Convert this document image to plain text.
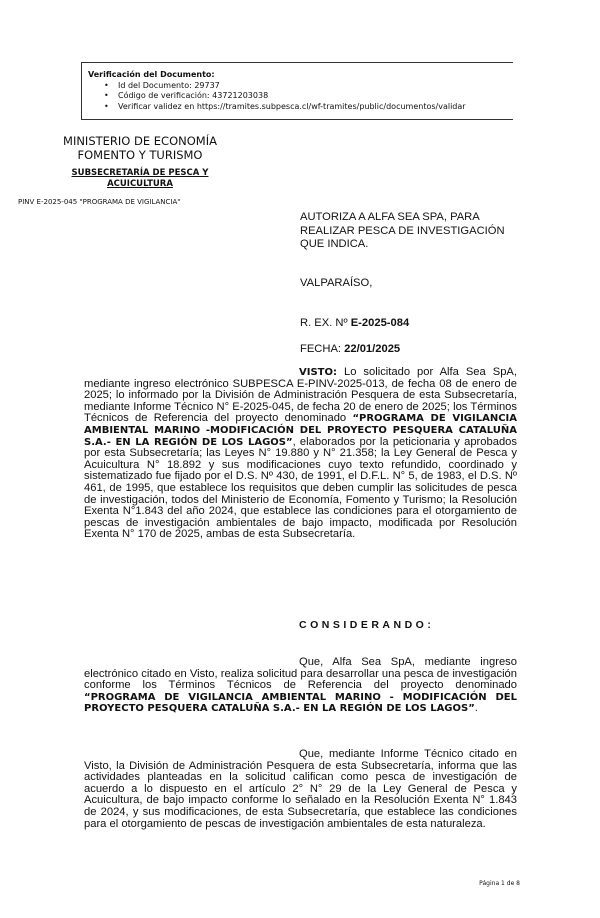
Verificación del Documento:
• Id del Documento: 29737
• Código de verificación: 43721203038
• Verificar validez en https://tramites.subpesca.cl/wf-tramites/public/documentos/validar
MINISTERIO DE ECONOMÍA
FOMENTO Y TURISMO
SUBSECRETARÍA DE PESCA Y
ACUICULTURA
PINV E-2025-045 "PROGRAMA DE VIGILANCIA"
AUTORIZA A ALFA SEA SPA, PARA
REALIZAR PESCA DE INVESTIGACIÓN
QUE INDICA.
VALPARAÍSO,
R. EX. Nº E-2025-084
FECHA: 22/01/2025
VISTO: Lo solicitado por Alfa Sea SpA, mediante ingreso electrónico SUBPESCA E-PINV-2025-013, de fecha 08 de enero de 2025; lo informado por la División de Administración Pesquera de esta Subsecretaría, mediante Informe Técnico N° E-2025-045, de fecha 20 de enero de 2025; los Términos Técnicos de Referencia del proyecto denominado “PROGRAMA DE VIGILANCIA AMBIENTAL MARINO -MODIFICACIÓN DEL PROYECTO PESQUERA CATALUÑA S.A.- EN LA REGIÓN DE LOS LAGOS”, elaborados por la peticionaria y aprobados por esta Subsecretaría; las Leyes N° 19.880 y N° 21.358; la Ley General de Pesca y Acuicultura N° 18.892 y sus modificaciones cuyo texto refundido, coordinado y sistematizado fue fijado por el D.S. Nº 430, de 1991, el D.F.L. N° 5, de 1983, el D.S. Nº 461, de 1995, que establece los requisitos que deben cumplir las solicitudes de pesca de investigación, todos del Ministerio de Economía, Fomento y Turismo; la Resolución Exenta N°1.843 del año 2024, que establece las condiciones para el otorgamiento de pescas de investigación ambientales de bajo impacto, modificada por Resolución Exenta N° 170 de 2025, ambas de esta Subsecretaría.
CONSIDERANDO:
Que, Alfa Sea SpA, mediante ingreso electrónico citado en Visto, realiza solicitud para desarrollar una pesca de investigación conforme los Términos Técnicos de Referencia del proyecto denominado “PROGRAMA DE VIGILANCIA AMBIENTAL MARINO - MODIFICACIÓN DEL PROYECTO PESQUERA CATALUÑA S.A.- EN LA REGIÓN DE LOS LAGOS”.
Que, mediante Informe Técnico citado en Visto, la División de Administración Pesquera de esta Subsecretaría, informa que las actividades planteadas en la solicitud califican como pesca de investigación de acuerdo a lo dispuesto en el artículo 2° N° 29 de la Ley General de Pesca y Acuicultura, de bajo impacto conforme lo señalado en la Resolución Exenta N° 1.843 de 2024, y sus modificaciones, de esta Subsecretaría, que establece las condiciones para el otorgamiento de pescas de investigación ambientales de esta naturaleza.
Página 1 de 8
